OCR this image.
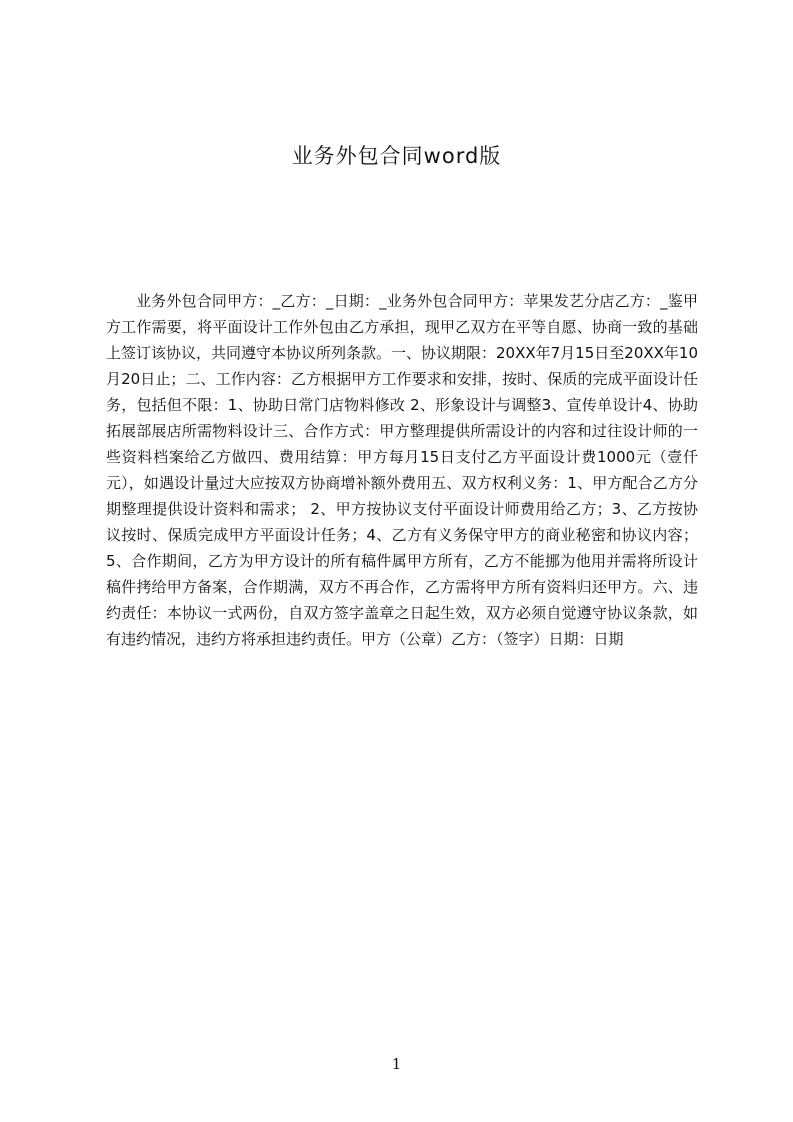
业务外包合同word版

业务外包合同甲方：_乙方：_日期：_业务外包合同甲方：苹果发艺分店乙方：_鉴甲方工作需要，将平面设计工作外包由乙方承担，现甲乙双方在平等自愿、协商一致的基础上签订该协议，共同遵守本协议所列条款。一、协议期限：20XX年7月15日至20XX年10月20日止；二、工作内容：乙方根据甲方工作要求和安排，按时、保质的完成平面设计任务，包括但不限：1、协助日常门店物料修改 2、形象设计与调整3、宣传单设计4、协助拓展部展店所需物料设计三、合作方式：甲方整理提供所需设计的内容和过往设计师的一些资料档案给乙方做四、费用结算：甲方每月15日支付乙方平面设计费1000元（壹仟元），如遇设计量过大应按双方协商增补额外费用五、双方权利义务：1、甲方配合乙方分期整理提供设计资料和需求； 2、甲方按协议支付平面设计师费用给乙方；3、乙方按协议按时、保质完成甲方平面设计任务；4、乙方有义务保守甲方的商业秘密和协议内容；5、合作期间，乙方为甲方设计的所有稿件属甲方所有，乙方不能挪为他用并需将所设计稿件拷给甲方备案，合作期满，双方不再合作，乙方需将甲方所有资料归还甲方。六、违约责任：本协议一式两份，自双方签字盖章之日起生效，双方必须自觉遵守协议条款，如有违约情况，违约方将承担违约责任。甲方（公章）乙方：（签字）日期：日期

1
